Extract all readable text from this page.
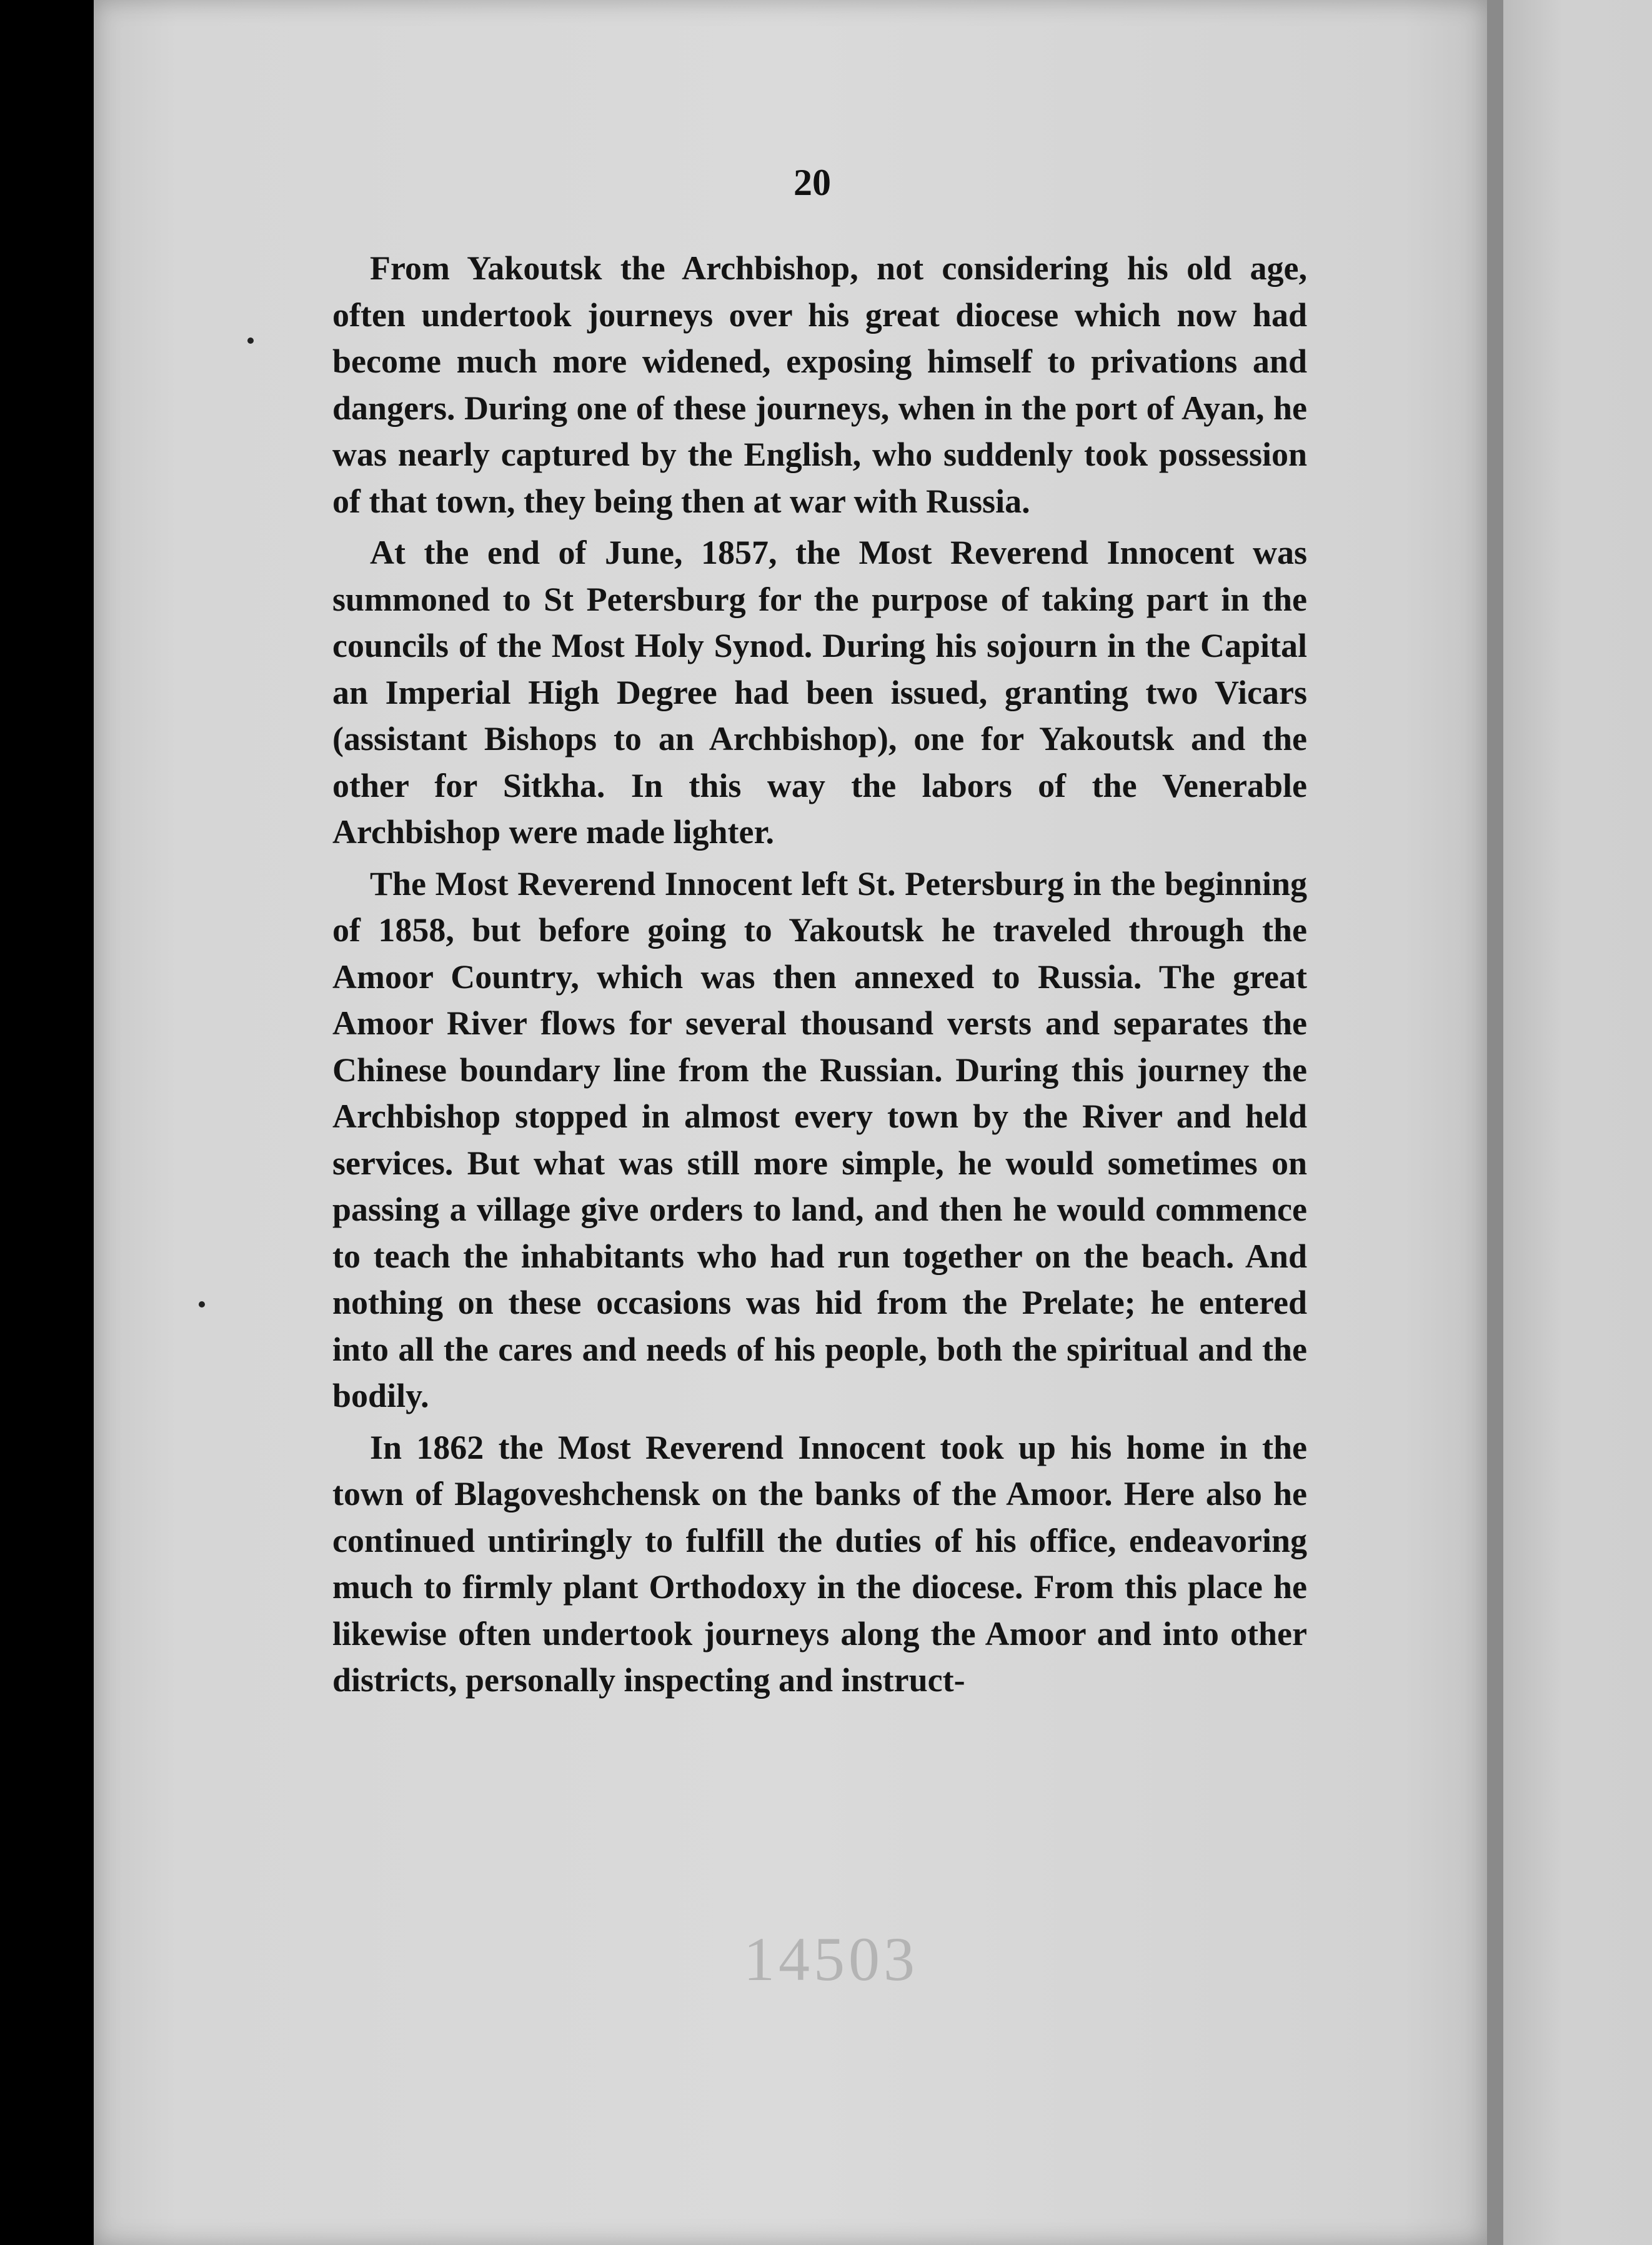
20

From Yakoutsk the Archbishop, not considering his old age, often undertook journeys over his great diocese which now had become much more widened, exposing himself to privations and dangers. During one of these journeys, when in the port of Ayan, he was nearly captured by the English, who suddenly took possession of that town, they being then at war with Russia.

At the end of June, 1857, the Most Reverend Innocent was summoned to St Petersburg for the purpose of taking part in the councils of the Most Holy Synod. During his sojourn in the Capital an Imperial High Degree had been issued, granting two Vicars (assistant Bishops to an Archbishop), one for Yakoutsk and the other for Sitkha. In this way the labors of the Venerable Archbishop were made lighter.

The Most Reverend Innocent left St. Petersburg in the beginning of 1858, but before going to Yakoutsk he traveled through the Amoor Country, which was then annexed to Russia. The great Amoor River flows for several thousand versts and separates the Chinese boundary line from the Russian. During this journey the Archbishop stopped in almost every town by the River and held services. But what was still more simple, he would sometimes on passing a village give orders to land, and then he would commence to teach the inhabitants who had run together on the beach. And nothing on these occasions was hid from the Prelate; he entered into all the cares and needs of his people, both the spiritual and the bodily.

In 1862 the Most Reverend Innocent took up his home in the town of Blagoveshchensk on the banks of the Amoor. Here also he continued untiringly to fulfill the duties of his office, endeavoring much to firmly plant Orthodoxy in the diocese. From this place he likewise often undertook journeys along the Amoor and into other districts, personally inspecting and instruct-

14503
